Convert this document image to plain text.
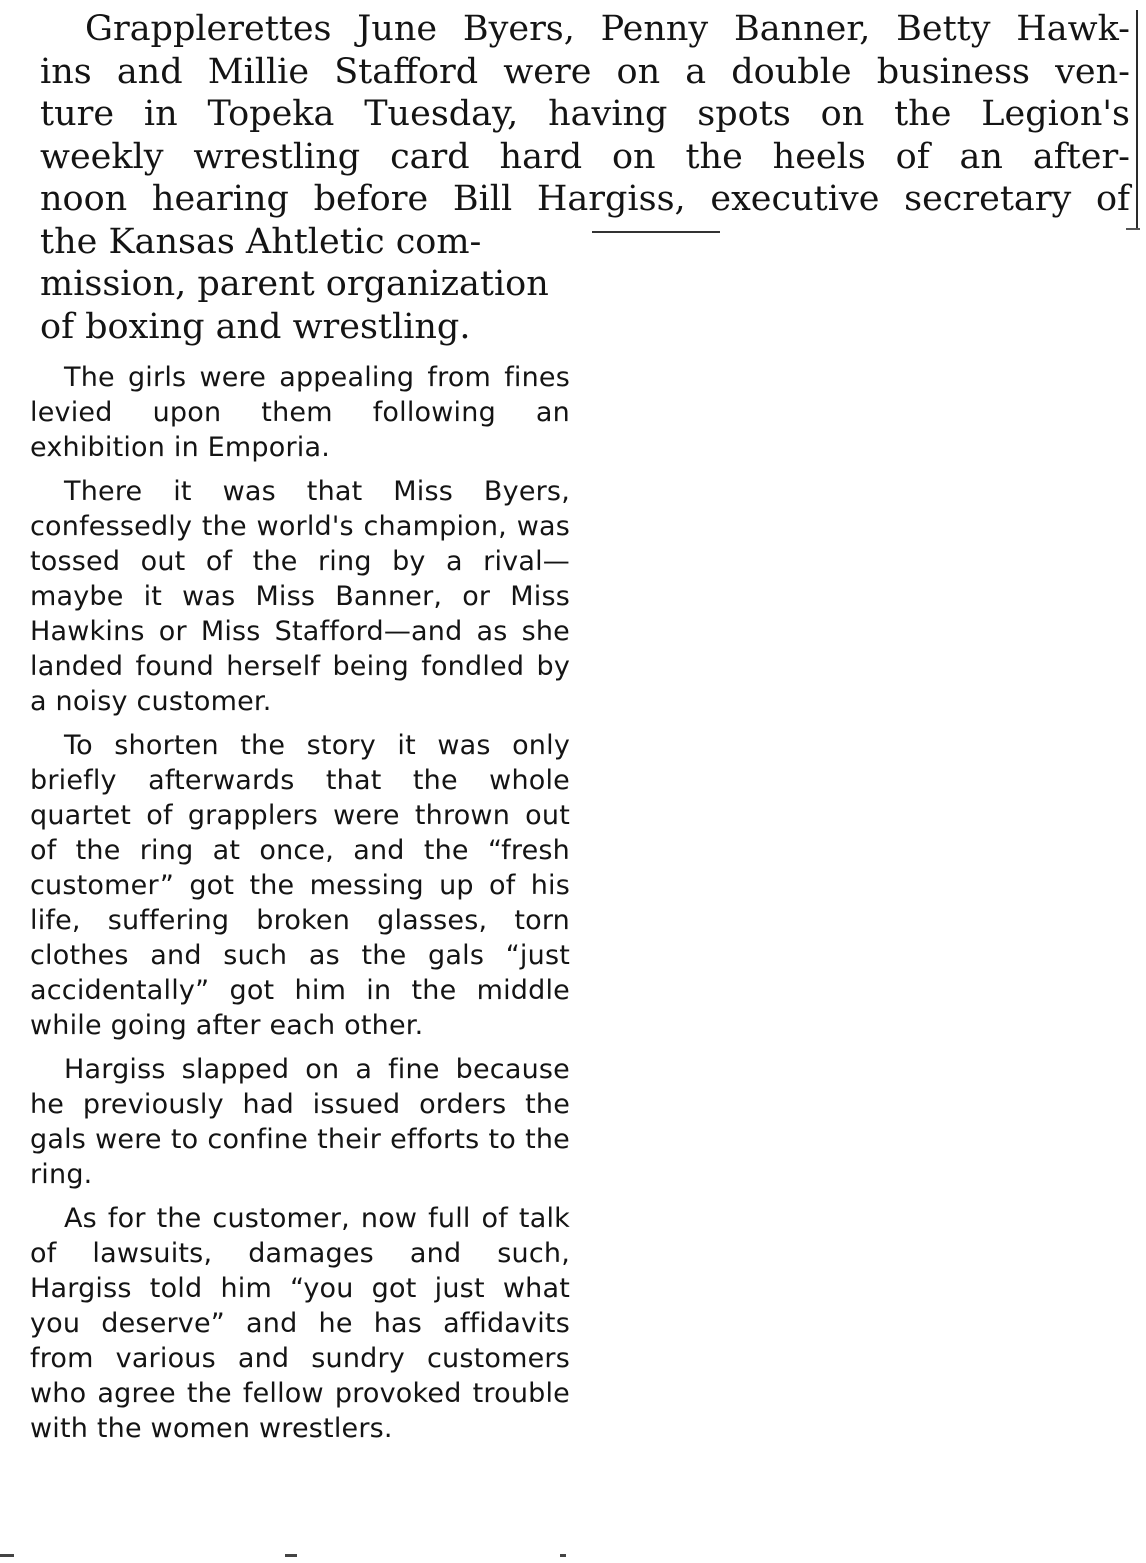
Grapplerettes June Byers, Penny Banner, Betty Hawk-
ins and Millie Stafford were on a double business ven-
ture in Topeka Tuesday, having spots on the Legion's
weekly wrestling card hard on the heels of an after-
noon hearing before Bill Hargiss, executive secretary of
the Kansas Ahtletic com-
mission, parent organization
of boxing and wrestling.

The girls were appealing from fines levied upon them following an exhibition in Emporia.

There it was that Miss Byers, confessedly the world's champion, was tossed out of the ring by a rival—maybe it was Miss Banner, or Miss Hawkins or Miss Stafford—and as she landed found herself being fondled by a noisy customer.

To shorten the story it was only briefly afterwards that the whole quartet of grapplers were thrown out of the ring at once, and the “fresh customer” got the messing up of his life, suffering broken glasses, torn clothes and such as the gals “just accidentally” got him in the middle while going after each other.

Hargiss slapped on a fine because he previously had issued orders the gals were to confine their efforts to the ring.

As for the customer, now full of talk of lawsuits, damages and such, Hargiss told him “you got just what you deserve” and he has affidavits from various and sundry customers who agree the fellow provoked trouble with the women wrestlers.
